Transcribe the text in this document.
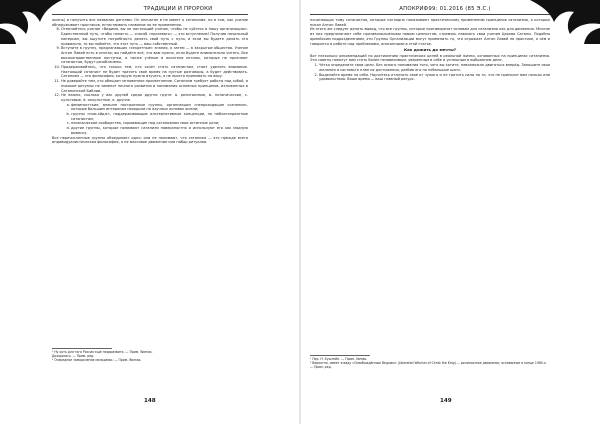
ТРАДИЦИИ И ПРОРОКИ

жизнь) и получить все названия денгами. Он опечатан в не имеет о сатанизме, но в том, как усилие обнаруживает простаков, естествивать название по ее применения.

8. Отмечайтесь учение «Видимо, вы не настоящий ученик, чтобы не суйтесь в нашу организацию». Единственный путь, чтобы попасть — способ «прозевать» — это вступление! Получив начальный материал, вы ощутите потребность делать свой путь с нуля, и если вы будете делать это правильно, то вы поймёте, что этот путь — ваш собственный.
9. Вступите в группу, предлагающих «секретные» знания, а затем — в закрытые общества. Учение Антон Лавей есть в книгах; вы найдёте всё, что вам нужно, если будете внимательно читать. Все высоконравственные поступки, а также учёные и искатели истины, которые не признают сатанистов, будут разоблачены.
10. Придерживайтесь, что только тем, кто хочет стать сатанистом, стоит уделять внимание. Настоящий сатанист не будет тратить своё время на пустые разговоры, а будет действовать. Сатанизм — это философия, которую нужно изучать, а не просто принимать на веру.
11. Не доверяйте тем, кто обещает мгновенное просветление. Сатанизм требует работы над собой, и никакие ритуалы не заменят личного развития и понимания основных принципов, изложенных в Сатанинской Библии.
12. Не важно, сколько у вас друзей среди других групп: а. религиозные, b. политические, c. культовые, d. оккультные, e. другие.
a. феминистские, внешне настроенные группы, организации «непроходящие сознания», которые большим интересом находили на научных основах жизни;
b. группы «нью-эйдж», поддерживающие альтернативные концепции, но неблагоприятные сатанистам;
c. неоязыческие сообщества, скрывающие под сатанизмом свои истинные цели;
d. другие группы, которые понимают сатанизм поверхностно и используют его как модную вывеску.

Все перечисленные группы объединяет одно: они не понимают, что сатанизм — это прежде всего индивидуалистическая философия, а не массовое движение или набор ритуалов.

¹ Ну хоть для того Россия ещё недоразвита. — Прим. Wamas.

Дождались. — Прим. ред.

² Очередное заморочение молодёжи. — Прим. Wamas.

148
АПОКРИФ99: 01.2016 (85 Э.С.)

почитающих тому сатанистов, которые наглядно показывают практическому применению принципов сатанизма, о которых писал Антон Лавей.

Из этого же следует делать вывод, что все группы, которые противоречат основам для сатанизма как для движения. Многие из них предполагают себе противоположными новым ценностям, стремясь навязать свои учения Церкви Сатаны. Подобно армейским подразделениям, эти Группы Организации могут применить то, что отражает Антон Лавей на практике, о чём и говорится в работе над проблемами, описанными в этой статье.

Как дожить до мечты?

Вот несколько рекомендаций по достижению практических целей в реальной жизни, основанных на принципах сатанизма. Эти советы помогут вам стать более независимым, уверенным в себе и успешным в выбранном деле.

1. Чётко определите свои цели. Без ясного понимания того, чего вы хотите, невозможно двигаться вперёд. Запишите свои желания и составьте план их достижения, разбив его на небольшие шаги.
2. Выделяйте время на себя. Научитесь отличать своё от чужого и не тратить силы на то, что не приносит вам пользы или удовольствия. Ваше время — ваш главный ресурс.

¹ Пер. Н. Хуштейн. — Прим. Vamas.

² Вероятно, имеет в виду «Освобождённые Ведьмы» (Liberated Witches of Christ the King) — религиозное движение, основанное в конце 1960-х. — Прим. ред.

149
